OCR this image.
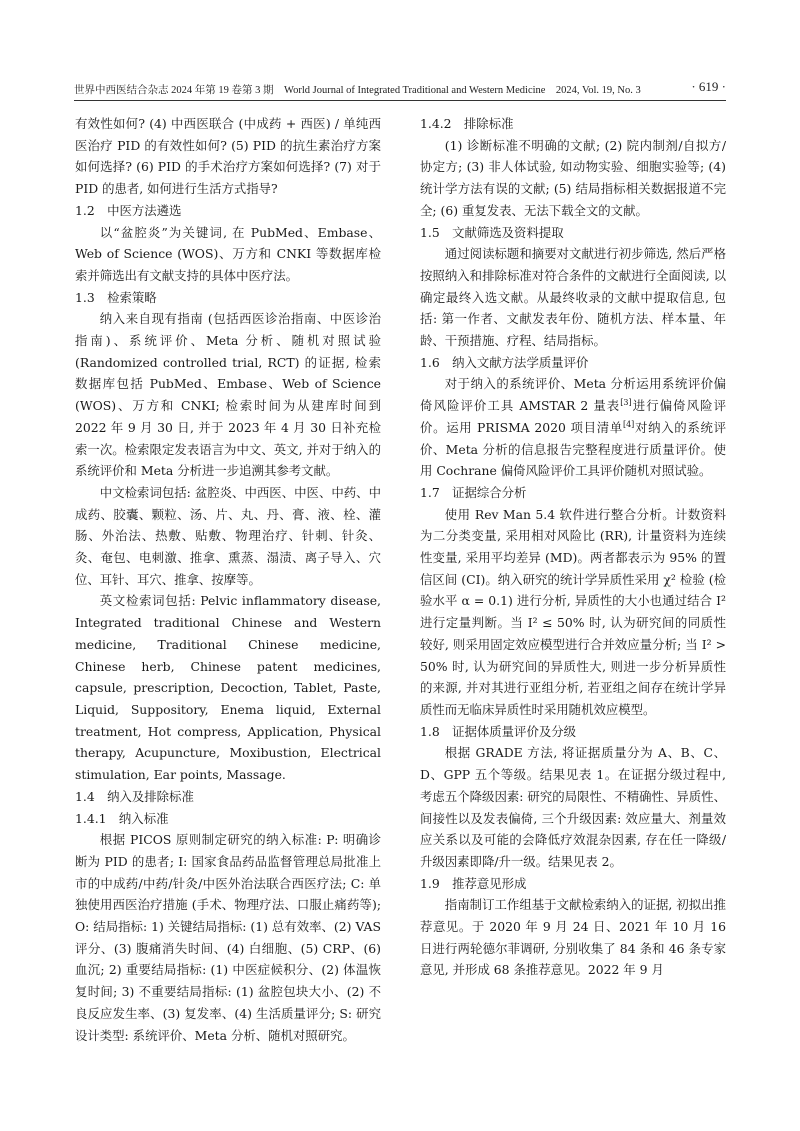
世界中西医结合杂志 2024 年第 19 卷第 3 期　World Journal of Integrated Traditional and Western Medicine　2024, Vol. 19, No. 3	· 619 ·

有效性如何? (4) 中西医联合 (中成药 + 西医) / 单纯西医治疗 PID 的有效性如何? (5) PID 的抗生素治疗方案如何选择? (6) PID 的手术治疗方案如何选择? (7) 对于 PID 的患者, 如何进行生活方式指导?

1.2　中医方法遴选

以“盆腔炎”为关键词, 在 PubMed、Embase、Web of Science (WOS)、万方和 CNKI 等数据库检索并筛选出有文献支持的具体中医疗法。

1.3　检索策略

纳入来自现有指南 (包括西医诊治指南、中医诊治指南)、系统评价、Meta 分析、随机对照试验 (Randomized controlled trial, RCT) 的证据, 检索数据库包括 PubMed、Embase、Web of Science (WOS)、万方和 CNKI; 检索时间为从建库时间到 2022 年 9 月 30 日, 并于 2023 年 4 月 30 日补充检索一次。检索限定发表语言为中文、英文, 并对于纳入的系统评价和 Meta 分析进一步追溯其参考文献。

中文检索词包括: 盆腔炎、中西医、中医、中药、中成药、胶囊、颗粒、汤、片、丸、丹、膏、液、栓、灌肠、外治法、热敷、贴敷、物理治疗、针刺、针灸、灸、奄包、电刺激、推拿、熏蒸、溻渍、离子导入、穴位、耳针、耳穴、推拿、按摩等。

英文检索词包括: Pelvic inflammatory disease, Integrated traditional Chinese and Western medicine, Traditional Chinese medicine, Chinese herb, Chinese patent medicines, capsule, prescription, Decoction, Tablet, Paste, Liquid, Suppository, Enema liquid, External treatment, Hot compress, Application, Physical therapy, Acupuncture, Moxibustion, Electrical stimulation, Ear points, Massage.

1.4　纳入及排除标准

1.4.1　纳入标准

根据 PICOS 原则制定研究的纳入标准: P: 明确诊断为 PID 的患者; I: 国家食品药品监督管理总局批准上市的中成药/中药/针灸/中医外治法联合西医疗法; C: 单独使用西医治疗措施 (手术、物理疗法、口服止痛药等); O: 结局指标: 1) 关键结局指标: (1) 总有效率、(2) VAS 评分、(3) 腹痛消失时间、(4) 白细胞、(5) CRP、(6) 血沉; 2) 重要结局指标: (1) 中医症候积分、(2) 体温恢复时间; 3) 不重要结局指标: (1) 盆腔包块大小、(2) 不良反应发生率、(3) 复发率、(4) 生活质量评分; S: 研究设计类型: 系统评价、Meta 分析、随机对照研究。

1.4.2　排除标准

(1) 诊断标准不明确的文献; (2) 院内制剂/自拟方/协定方; (3) 非人体试验, 如动物实验、细胞实验等; (4) 统计学方法有误的文献; (5) 结局指标相关数据报道不完全; (6) 重复发表、无法下载全文的文献。

1.5　文献筛选及资料提取

通过阅读标题和摘要对文献进行初步筛选, 然后严格按照纳入和排除标准对符合条件的文献进行全面阅读, 以确定最终入选文献。从最终收录的文献中提取信息, 包括: 第一作者、文献发表年份、随机方法、样本量、年龄、干预措施、疗程、结局指标。

1.6　纳入文献方法学质量评价

对于纳入的系统评价、Meta 分析运用系统评价偏倚风险评价工具 AMSTAR 2 量表[3]进行偏倚风险评价。运用 PRISMA 2020 项目清单[4]对纳入的系统评价、Meta 分析的信息报告完整程度进行质量评价。使用 Cochrane 偏倚风险评价工具评价随机对照试验。

1.7　证据综合分析

使用 Rev Man 5.4 软件进行整合分析。计数资料为二分类变量, 采用相对风险比 (RR), 计量资料为连续性变量, 采用平均差异 (MD)。两者都表示为 95% 的置信区间 (CI)。纳入研究的统计学异质性采用 χ² 检验 (检验水平 α = 0.1) 进行分析, 异质性的大小也通过结合 I² 进行定量判断。当 I² ≤ 50% 时, 认为研究间的同质性较好, 则采用固定效应模型进行合并效应量分析; 当 I² > 50% 时, 认为研究间的异质性大, 则进一步分析异质性的来源, 并对其进行亚组分析, 若亚组之间存在统计学异质性而无临床异质性时采用随机效应模型。

1.8　证据体质量评价及分级

根据 GRADE 方法, 将证据质量分为 A、B、C、D、GPP 五个等级。结果见表 1。在证据分级过程中, 考虑五个降级因素: 研究的局限性、不精确性、异质性、间接性以及发表偏倚, 三个升级因素: 效应量大、剂量效应关系以及可能的会降低疗效混杂因素, 存在任一降级/升级因素即降/升一级。结果见表 2。

1.9　推荐意见形成

指南制订工作组基于文献检索纳入的证据, 初拟出推荐意见。于 2020 年 9 月 24 日、2021 年 10 月 16 日进行两轮德尔菲调研, 分别收集了 84 条和 46 条专家意见, 并形成 68 条推荐意见。2022 年 9 月
